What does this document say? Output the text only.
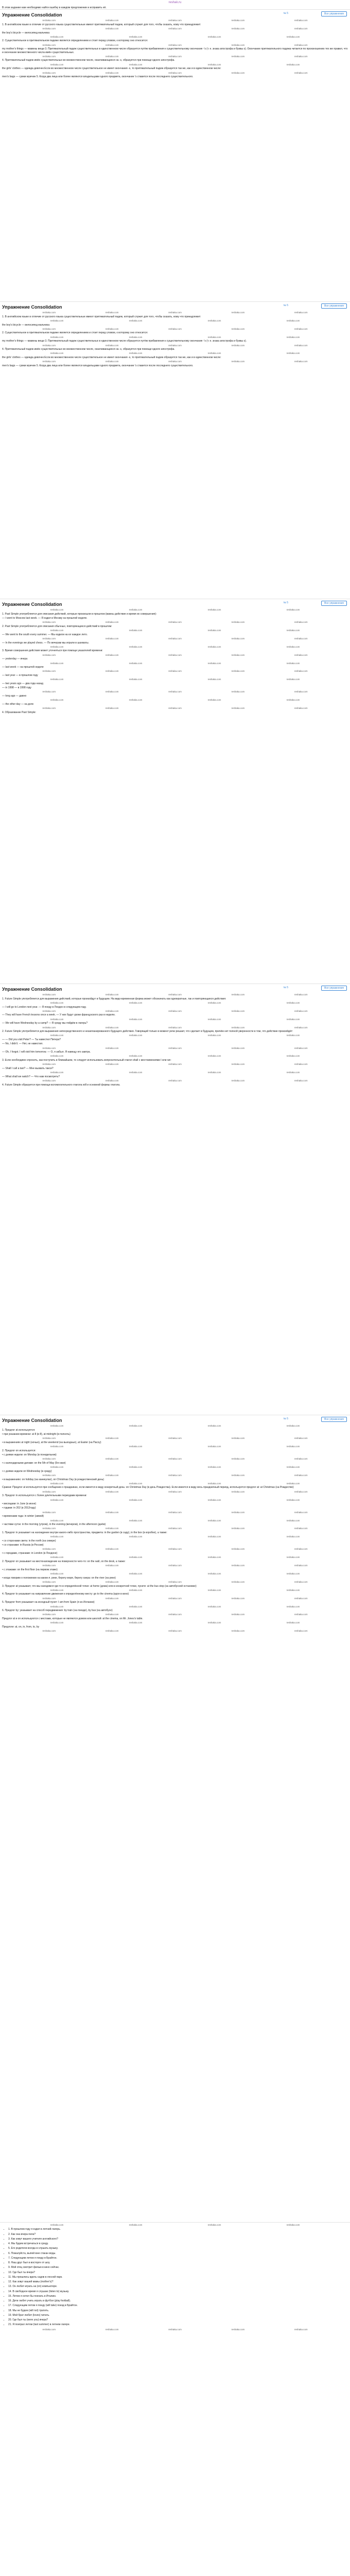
reshak.ru
В этом задании нам необходимо найти ошибку в каждом предложении и исправить её.
Упражнение Consolidation	№ 5	Все упражнения
reshaka.com	reshaka.com	reshaka.com	reshaka.com	reshaka.com

1. В английском языке в отличие от русского языка существительные имеют притяжательный падеж, который служит для того, чтобы сказать, кому что принадлежит:

reshaka.com	reshaka.com	reshaka.com	reshaka.com	reshaka.com

the boy's bicycle — велосипед мальчика

reshaka.com	reshaka.com	reshaka.com	reshaka.com

2. Существительное в притяжательном падеже является определением и стоит перед словом, к которому оно относится:

reshaka.com	reshaka.com	reshaka.com	reshaka.com	reshaka.com

my mother's things — мамины вещи 3. Притяжательный падеж существительных в единственном числе образуется путём прибавления к существительному окончания -'s (т. е. знака апострофа и буквы s). Окончание притяжательного падежа читается по произношению тех же правил, что и окончание множественного числа имён существительных.

reshaka.com	reshaka.com	reshaka.com	reshaka.com	reshaka.com

4. Притяжательный падеж имён существительных во множественном числе, оканчивающихся на -s, образуется при помощи одного апострофа.

reshaka.com	reshaka.com	reshaka.com	reshaka.com

the girls' clothes — одежда девочек Если во множественном числе существительное не имеет окончания -s, то притяжательный падеж образуется так же, как и в единственном числе:

reshaka.com	reshaka.com	reshaka.com	reshaka.com	reshaka.com

men's bags — сумки мужчин 5. Когда два лица или более являются владельцами одного предмета, окончание 's ставится после последнего существительного.

Упражнение Consolidation	№ 5	Все упражнения
reshaka.com	reshaka.com	reshaka.com	reshaka.com	reshaka.com

1. В английском языке в отличие от русского языка существительные имеют притяжательный падеж, который служит для того, чтобы сказать, кому что принадлежит:

reshaka.com	reshaka.com	reshaka.com	reshaka.com

the boy's bicycle — велосипед мальчика

reshaka.com	reshaka.com	reshaka.com	reshaka.com	reshaka.com

2. Существительное в притяжательном падеже является определением и стоит перед словом, к которому оно относится:

reshaka.com	reshaka.com	reshaka.com	reshaka.com

my mother's things — мамины вещи 3. Притяжательный падеж существительных в единственном числе образуется путём прибавления к существительному окончания -'s (т. е. знака апострофа и буквы s).

reshaka.com	reshaka.com	reshaka.com	reshaka.com	reshaka.com

4. Притяжательный падеж имён существительных во множественном числе, оканчивающихся на -s, образуется при помощи одного апострофа.

reshaka.com	reshaka.com	reshaka.com	reshaka.com

the girls' clothes — одежда девочек Если во множественном числе существительное не имеет окончания -s, то притяжательный падеж образуется так же, как и в единственном числе:

reshaka.com	reshaka.com	reshaka.com	reshaka.com	reshaka.com

men's bags — сумки мужчин 5. Когда два лица или более являются владельцами одного предмета, окончание 's ставится после последнего существительного.

Упражнение Consolidation	№ 5	Все упражнения
reshaka.com	reshaka.com	reshaka.com	reshaka.com

1. Past Simple употребляется для описания действий, которые произошли в прошлом (важны действие и время их совершения):

— I went to Moscow last week. — Я ездил в Москву на прошлой неделе.

reshaka.com	reshaka.com	reshaka.com	reshaka.com	reshaka.com

2. Past Simple употребляется для описания обычных, повторяющихся действий в прошлом:

reshaka.com	reshaka.com	reshaka.com	reshaka.com

— We went to the south every summer. — Мы ездили на юг каждое лето.

reshaka.com	reshaka.com	reshaka.com	reshaka.com	reshaka.com

— In the evenings we played chess. — По вечерам мы играли в шахматы.

reshaka.com	reshaka.com	reshaka.com	reshaka.com

3. Время совершения действия может уточняться при помощи указателей времени:

reshaka.com	reshaka.com	reshaka.com	reshaka.com	reshaka.com

— yesterday — вчера

reshaka.com	reshaka.com	reshaka.com	reshaka.com

— last week — на прошлой неделе

reshaka.com	reshaka.com	reshaka.com	reshaka.com	reshaka.com

— last year — в прошлом году

reshaka.com	reshaka.com	reshaka.com	reshaka.com

— two years ago — два года назад

— in 1998 — в 1998 году

reshaka.com	reshaka.com	reshaka.com	reshaka.com	reshaka.com

— long ago — давно

reshaka.com	reshaka.com	reshaka.com	reshaka.com

— the other day — на днях

reshaka.com	reshaka.com	reshaka.com	reshaka.com	reshaka.com

4. Образование Past Simple:

Упражнение Consolidation	№ 5	Все упражнения
reshaka.com	reshaka.com	reshaka.com	reshaka.com	reshaka.com

1. Future Simple употребляется для выражения действий, которые произойдут в будущем. На видо-временная форма может обозначать как однократные, так и повторяющиеся действия:

reshaka.com	reshaka.com	reshaka.com	reshaka.com

— I will go to London next year. — Я поеду в Лондон в следующем году.

reshaka.com	reshaka.com	reshaka.com	reshaka.com	reshaka.com

— They will have French lessons once a week. — У них будут уроки французского раз в неделю.

reshaka.com	reshaka.com	reshaka.com	reshaka.com

— We will have Wednesday by a camp? — В среду мы пойдём в лагерь?

reshaka.com	reshaka.com	reshaka.com	reshaka.com	reshaka.com

2. Future Simple употребляется для выражения непосредственного и незапланированного будущего действия. Говорящий только в момент речи решает, что сделает в будущем, причём нет полной уверенности в том, что действие произойдёт:

reshaka.com	reshaka.com	reshaka.com	reshaka.com

— — Did you visit Peter? — Ты навестил Питера?

— No, I didn't. — Нет, не навестил.

reshaka.com	reshaka.com	reshaka.com	reshaka.com	reshaka.com

— Oh, I forgot. I will visit him tomorrow. — О, я забыл. Я навещу его завтра.

reshaka.com	reshaka.com	reshaka.com	reshaka.com

3. Если необходимо спросить, как поступить в ближайшем, то следует использовать вопросительный глагол shall с местоимениями I или we:

reshaka.com	reshaka.com	reshaka.com	reshaka.com	reshaka.com

— Shall I call a taxi? — Мне вызвать такси?

reshaka.com	reshaka.com	reshaka.com	reshaka.com

— What shall we watch? — Что нам посмотреть?

reshaka.com	reshaka.com	reshaka.com	reshaka.com	reshaka.com

4. Future Simple образуется при помощи вспомогательного глагола will и основной формы глагола.

Упражнение Consolidation	№ 5	Все упражнения
reshaka.com	reshaka.com	reshaka.com	reshaka.com

1. Предлог at используется:

• при указании времени: at 8 (в 8), at midnight (в полночь)

reshaka.com	reshaka.com	reshaka.com	reshaka.com	reshaka.com

• в выражениях at night (ночью), at the weekend (на выходных), at Easter (на Пасху)

reshaka.com	reshaka.com	reshaka.com	reshaka.com

2. Предлог on используется:

• с днями недели: on Monday (в понедельник)

reshaka.com	reshaka.com	reshaka.com	reshaka.com	reshaka.com

• с календарными датами: on the 5th of May (5го мая)

reshaka.com	reshaka.com	reshaka.com	reshaka.com

• с днями недели on Wednesday (в среду)

reshaka.com	reshaka.com	reshaka.com	reshaka.com	reshaka.com

• в выражениях: on holiday (на каникулах), on Christmas Day (в рождественский день)

reshaka.com	reshaka.com	reshaka.com	reshaka.com

Сравни: Предлог at используется при сообщении о праздниках, если имеется в виду конкретный день: on Christmas Day (в день Рождества). Если имеется в виду весь праздничный период, используется предлог at: at Christmas (на Рождество)

reshaka.com	reshaka.com	reshaka.com	reshaka.com	reshaka.com

3. Предлог in используется с более длительными периодами времени:

reshaka.com	reshaka.com	reshaka.com	reshaka.com

• месяцами: in June (в июне)

• годами: in 202 (в 2012году)

reshaka.com	reshaka.com	reshaka.com	reshaka.com	reshaka.com

• временами года: in winter (зимой)

reshaka.com	reshaka.com	reshaka.com	reshaka.com

• частями суток: in the morning (утром), in the evening (вечером), in the afternoon (днём)

reshaka.com	reshaka.com	reshaka.com	reshaka.com	reshaka.com

1. Предлог in указывает на нахождение внутри какого-либо пространства, предмета: in the garden (в саду), in the box (в коробке), а также:

reshaka.com	reshaka.com	reshaka.com	reshaka.com

• со сторонами света: in the north (на севере)

• со странами: in Russia (в России)

reshaka.com	reshaka.com	reshaka.com	reshaka.com	reshaka.com

• с городами, странами: in London (в Лондоне)

reshaka.com	reshaka.com	reshaka.com	reshaka.com

2. Предлог on указывает на местонахождение на поверхности чего-то: on the wall, on the desk, а также:

reshaka.com	reshaka.com	reshaka.com	reshaka.com	reshaka.com

• с этажами: on the first floor (на первом этаже)

reshaka.com	reshaka.com	reshaka.com	reshaka.com

• когда говорим о положении на каком-л. реке, берегу моря, берегу озера: on the river (на реке)

reshaka.com	reshaka.com	reshaka.com	reshaka.com	reshaka.com

3. Предлог at указывает, что мы находимся где-то в определённой точке: at home (дома) или в конкретной точке, пункте: at the bus stop (на автобусной остановке)

reshaka.com	reshaka.com	reshaka.com	reshaka.com

4. Предлог to указывает на направление движения к определённому месту: go to the cinema (идти в кино)

reshaka.com	reshaka.com	reshaka.com	reshaka.com	reshaka.com

5. Предлог from указывает на исходный пункт: I am from Spain (я из Испании)

reshaka.com	reshaka.com	reshaka.com	reshaka.com

6. Предлог by: указывает на способ передвижения: by train (на поезде), by bus (на автобусе)

reshaka.com	reshaka.com	reshaka.com	reshaka.com	reshaka.com

Предлог at и on используются с местами, которые не являются домом или школой: at the cinema, on Mr. Jones's table.

reshaka.com	reshaka.com	reshaka.com	reshaka.com

Предлоги: at, on, in, from, to, by

reshaka.com	reshaka.com	reshaka.com	reshaka.com	reshaka.com

reshaka.com	reshaka.com	reshaka.com	reshaka.com
• 1. В прошлом году я ездил в летний лагерь.
• 2. Как она вчера пела?
• 3. Как зовут вашего учителя английского?
• 4. Мы будем встречаться в среду.
• 5. Его родители всегда в слушать музыку.
• 6. Пожалуйста, выпей мне стакан воды.
• 7. Следующим летом я поеду в Брайтон.
• 8. Наш друг был в восторге от шоу.
• 9. Мой отец смотрит фильм в кино сейчас.
• 10. Где был ты вчера?
• 11. Мы прошлись вдоль садов в лесной парк.
• 12. Как зовут вашей мамы (mother's)?
• 13. Он любит играть на (on) компьютере.
• 14. В свободное время я слушаю (listen to) музыку.
• 15. Летом я хотел бы поехать в Италию.
• 16. Дети любят учить играть в футбол (play football).
• 17. Следующим летом я поеду (will take) поезд в Брайтон.
• 18. Мы не будем (will not) тратить.
• 19. Мой брат любит (loves) читать.
• 20. Где был ты (were you) вчера?
• 21. Я поиграл летом (last summer) в летнем лагере.
reshaka.com	reshaka.com	reshaka.com	reshaka.com	reshaka.com
